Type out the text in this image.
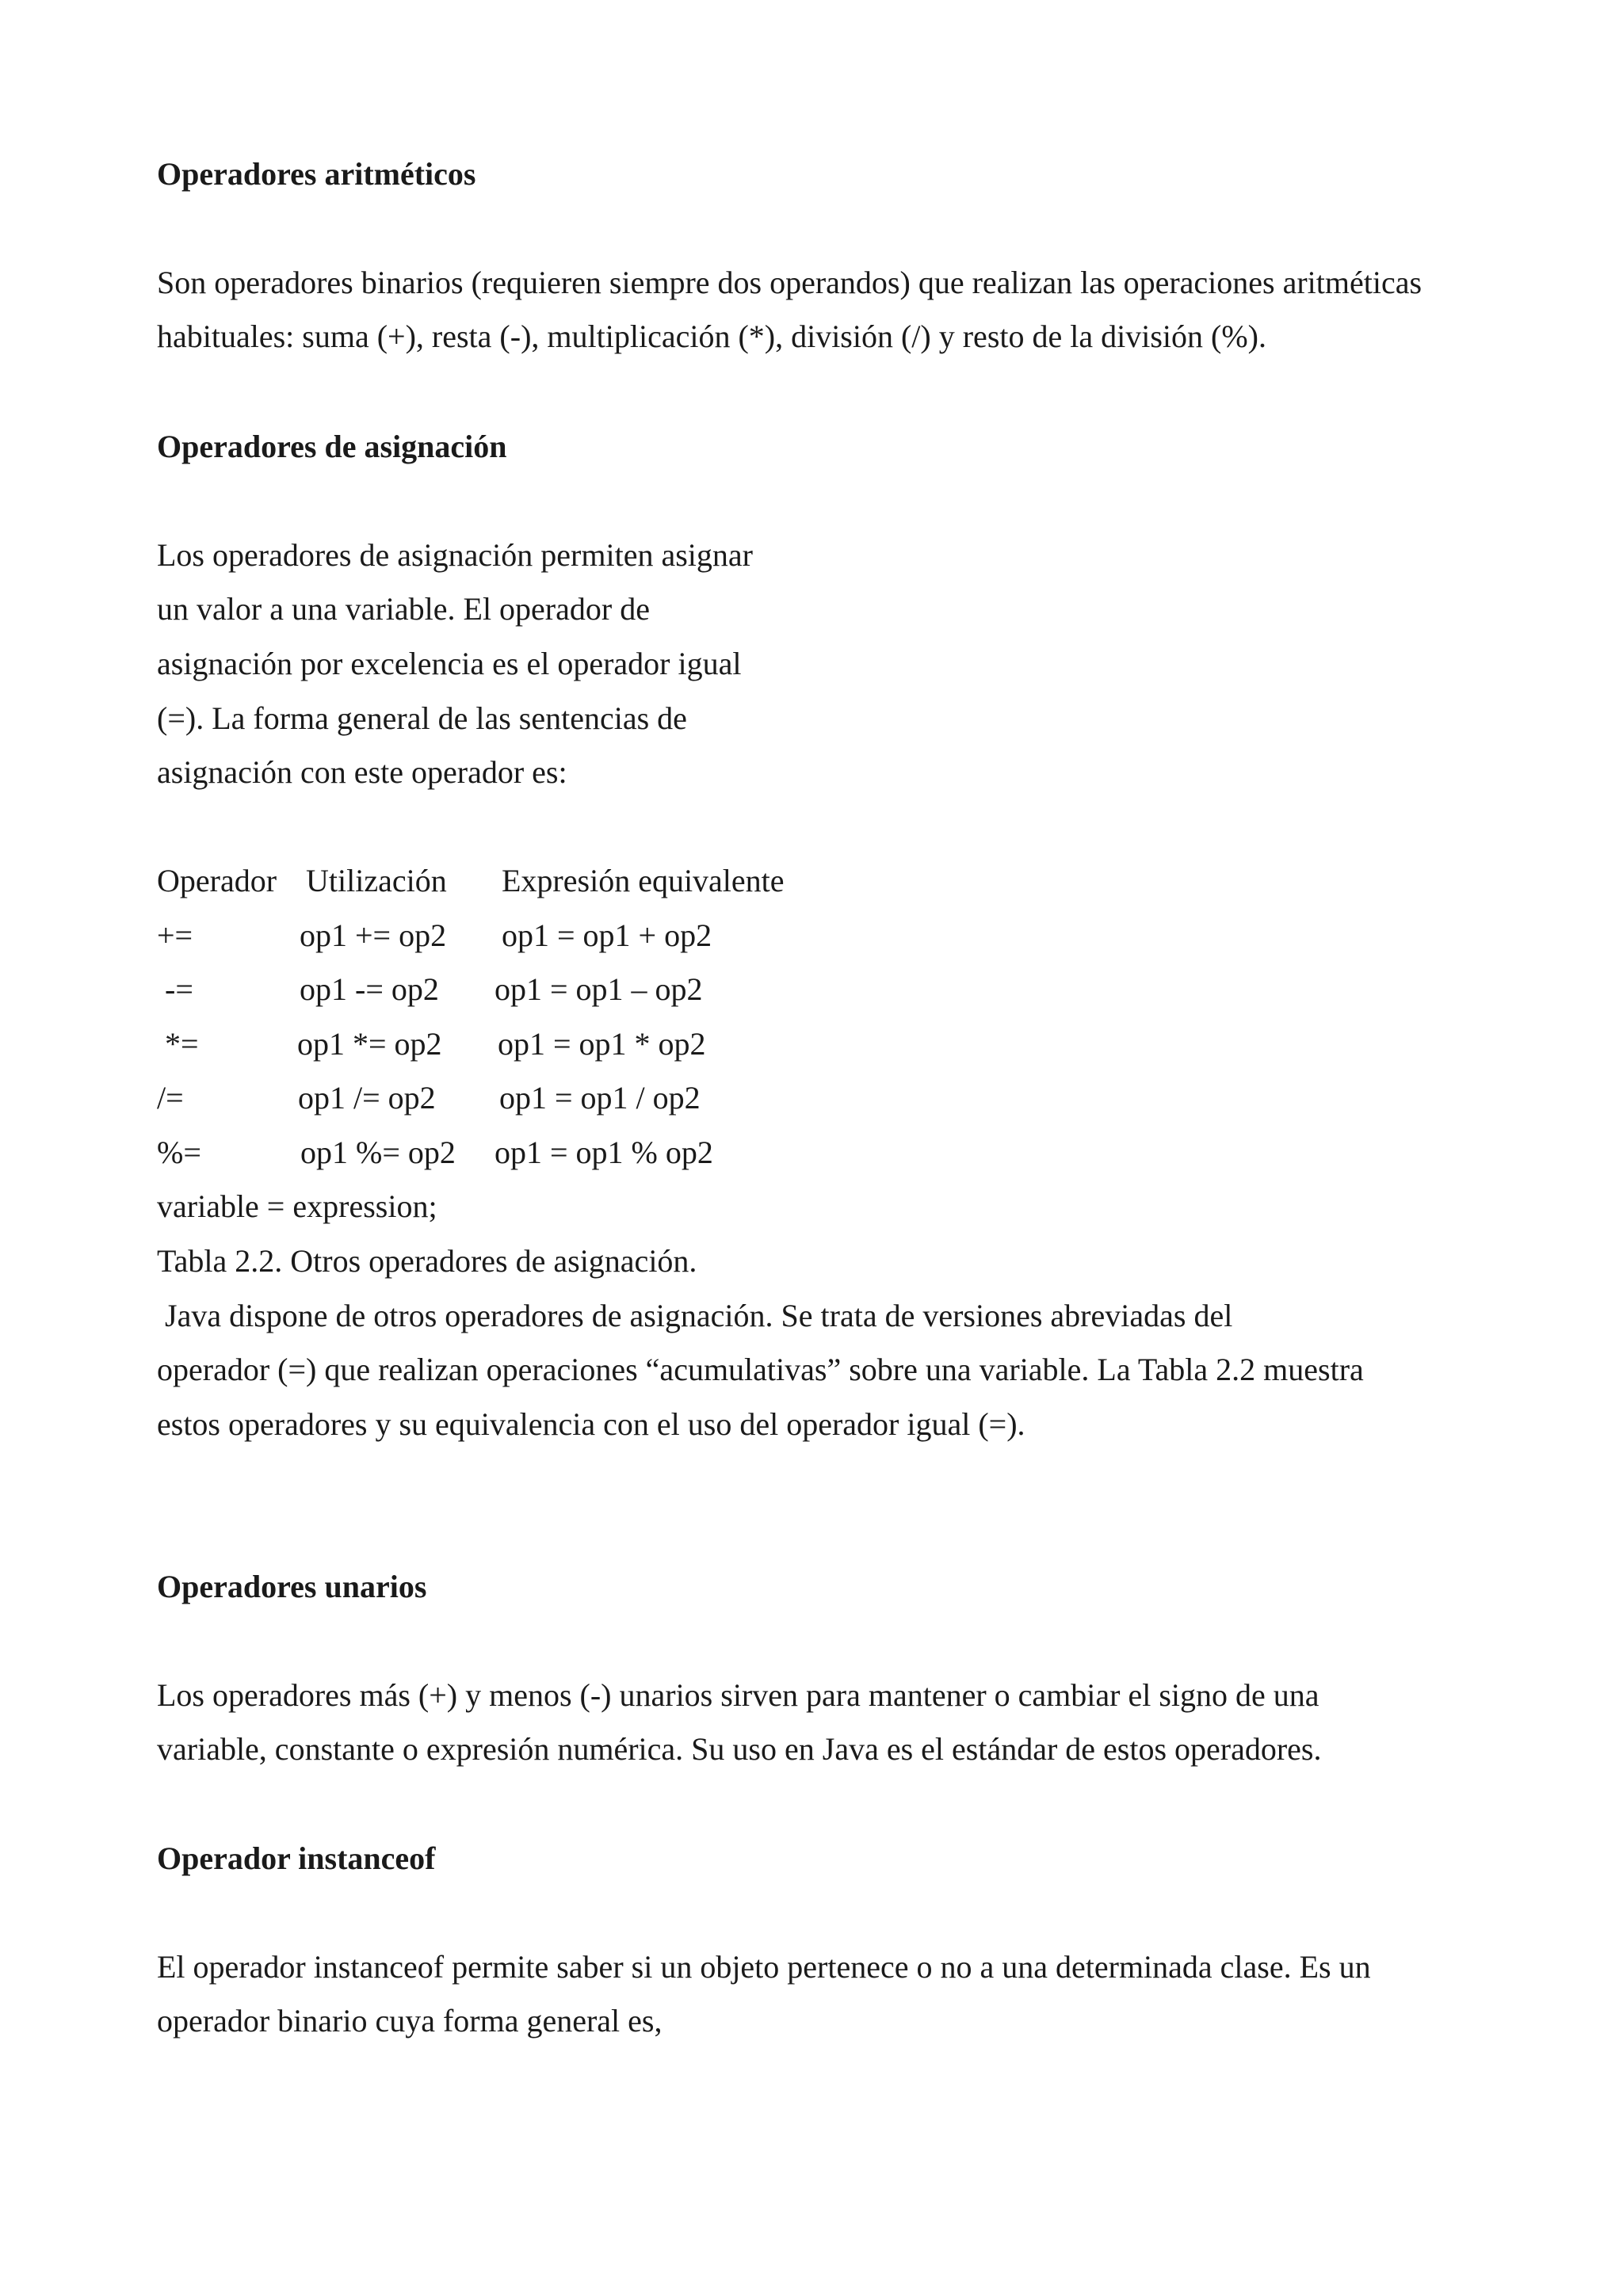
Operadores aritméticos
Son operadores binarios (requieren siempre dos operandos) que realizan las operaciones aritméticas
habituales: suma (+), resta (-), multiplicación (*), división (/) y resto de la división (%).
Operadores de asignación
Los operadores de asignación permiten asignar
un valor a una variable. El operador de
asignación por excelencia es el operador igual
(=). La forma general de las sentencias de
asignación con este operador es:
Operador Utilización Expresión equivalente
+=	op1 += op2 op1 = op1 + op2
-=	op1 -= op2 op1 = op1 – op2
*=	op1 *= op2 op1 = op1 * op2
/=	op1 /= op2 op1 = op1 / op2
%=	op1 %= op2 op1 = op1 % op2
variable = expression;
Tabla 2.2. Otros operadores de asignación.
Java dispone de otros operadores de asignación. Se trata de versiones abreviadas del
operador (=) que realizan operaciones “acumulativas” sobre una variable. La Tabla 2.2 muestra
estos operadores y su equivalencia con el uso del operador igual (=).
Operadores unarios
Los operadores más (+) y menos (-) unarios sirven para mantener o cambiar el signo de una
variable, constante o expresión numérica. Su uso en Java es el estándar de estos operadores.
Operador instanceof
El operador instanceof permite saber si un objeto pertenece o no a una determinada clase. Es un
operador binario cuya forma general es,
